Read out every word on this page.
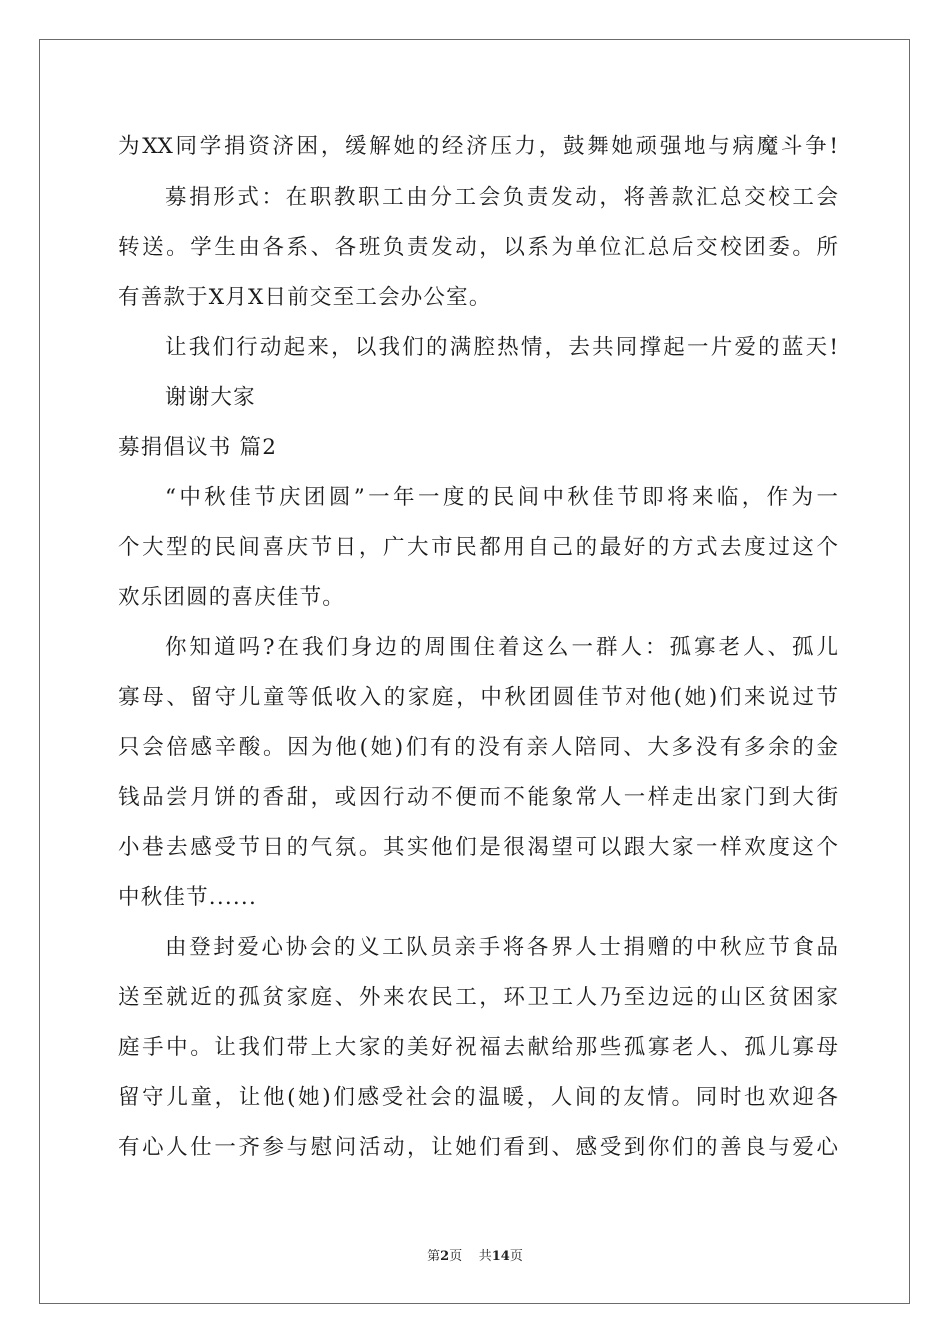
为XX同学捐资济困，缓解她的经济压力，鼓舞她顽强地与病魔斗争!
募捐形式：在职教职工由分工会负责发动，将善款汇总交校工会
转送。学生由各系、各班负责发动，以系为单位汇总后交校团委。所
有善款于X月X日前交至工会办公室。
让我们行动起来，以我们的满腔热情，去共同撑起一片爱的蓝天!
谢谢大家
募捐倡议书 篇2
“中秋佳节庆团圆”一年一度的民间中秋佳节即将来临，作为一
个大型的民间喜庆节日，广大市民都用自己的最好的方式去度过这个
欢乐团圆的喜庆佳节。
你知道吗?在我们身边的周围住着这么一群人：孤寡老人、孤儿
寡母、留守儿童等低收入的家庭，中秋团圆佳节对他(她)们来说过节
只会倍感辛酸。因为他(她)们有的没有亲人陪同、大多没有多余的金
钱品尝月饼的香甜，或因行动不便而不能象常人一样走出家门到大街
小巷去感受节日的气氛。其实他们是很渴望可以跟大家一样欢度这个
中秋佳节......
由登封爱心协会的义工队员亲手将各界人士捐赠的中秋应节食品
送至就近的孤贫家庭、外来农民工，环卫工人乃至边远的山区贫困家
庭手中。让我们带上大家的美好祝福去献给那些孤寡老人、孤儿寡母
留守儿童，让他(她)们感受社会的温暖，人间的友情。同时也欢迎各
有心人仕一齐参与慰问活动，让她们看到、感受到你们的善良与爱心
第2页    共14页
